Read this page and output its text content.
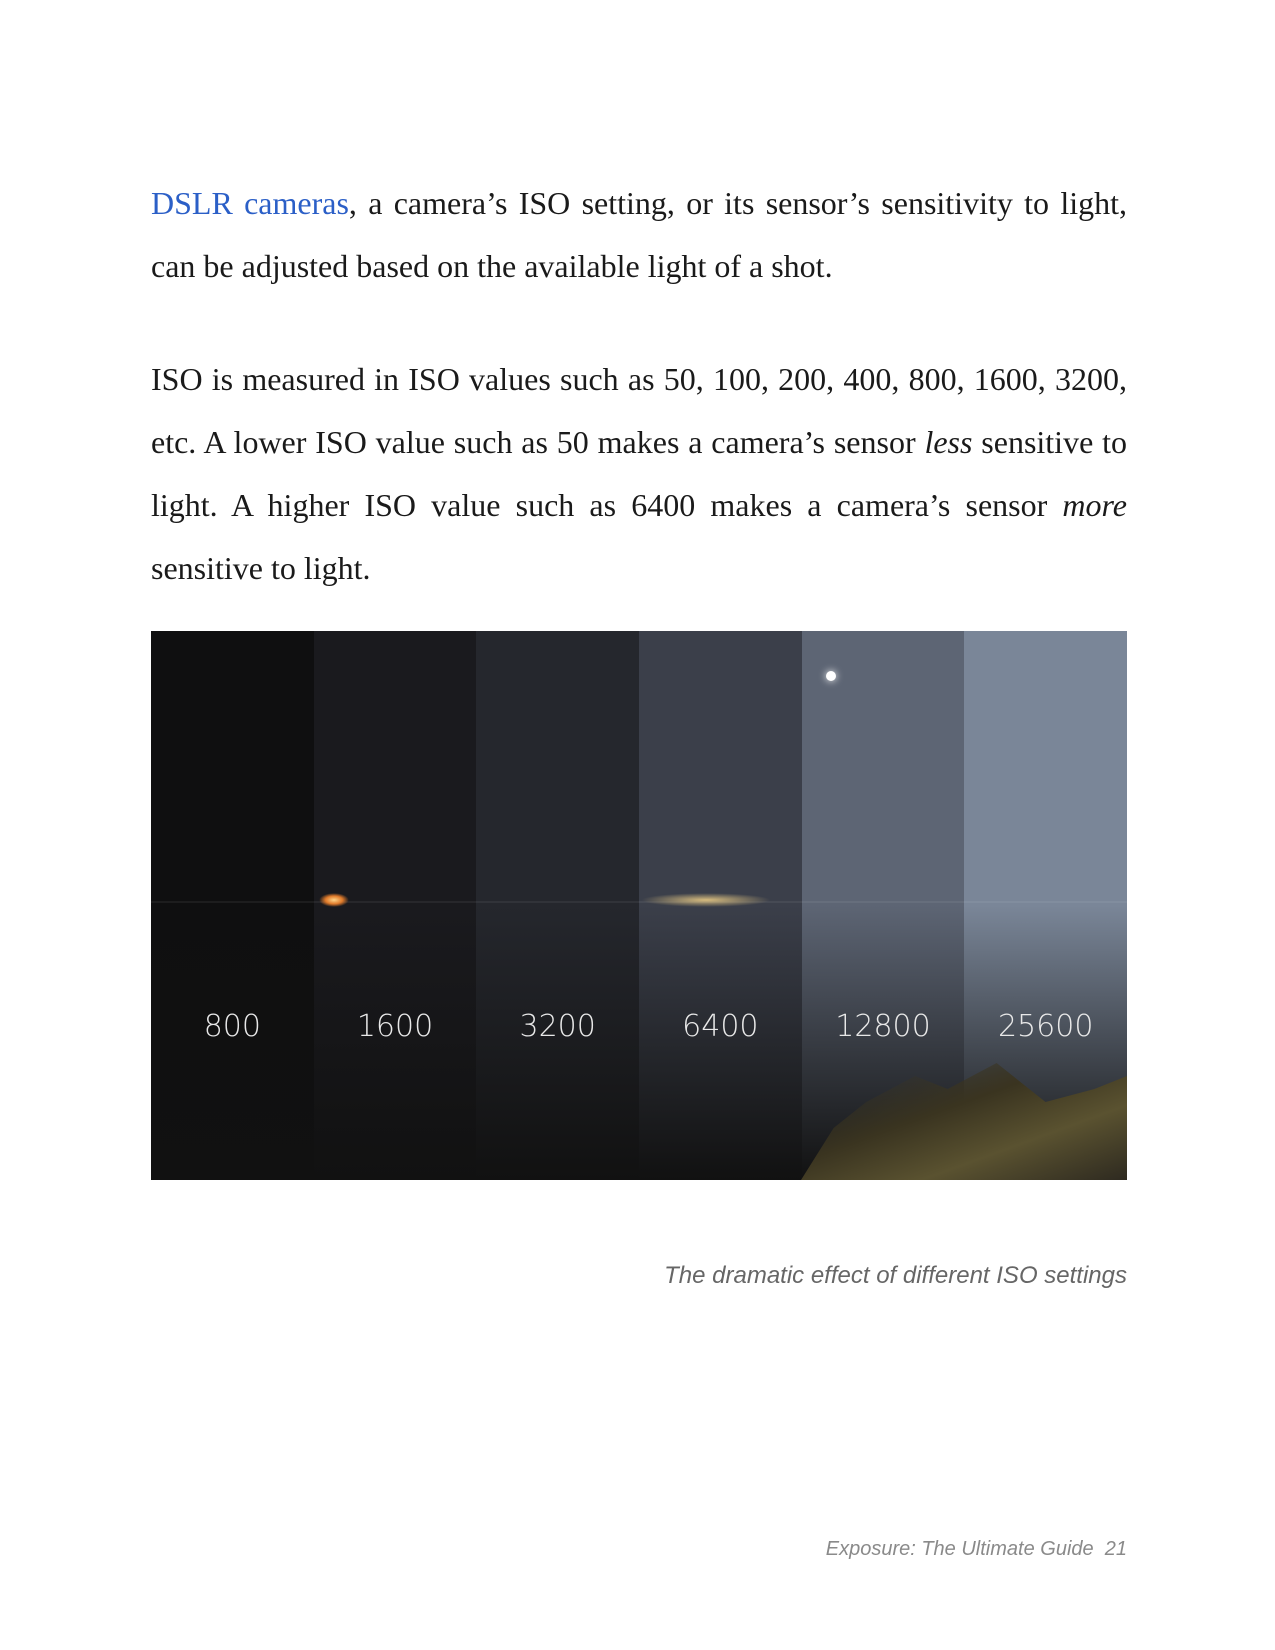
DSLR cameras, a camera’s ISO setting, or its sensor’s sensitivity to light, can be adjusted based on the available light of a shot.

ISO is measured in ISO values such as 50, 100, 200, 400, 800, 1600, 3200, etc. A lower ISO value such as 50 makes a camera’s sensor less sensitive to light. A higher ISO value such as 6400 makes a camera’s sensor more sensitive to light.

800	1600	3200	6400	12800	25600
The dramatic effect of different ISO settings
Exposure: The Ultimate Guide  21
